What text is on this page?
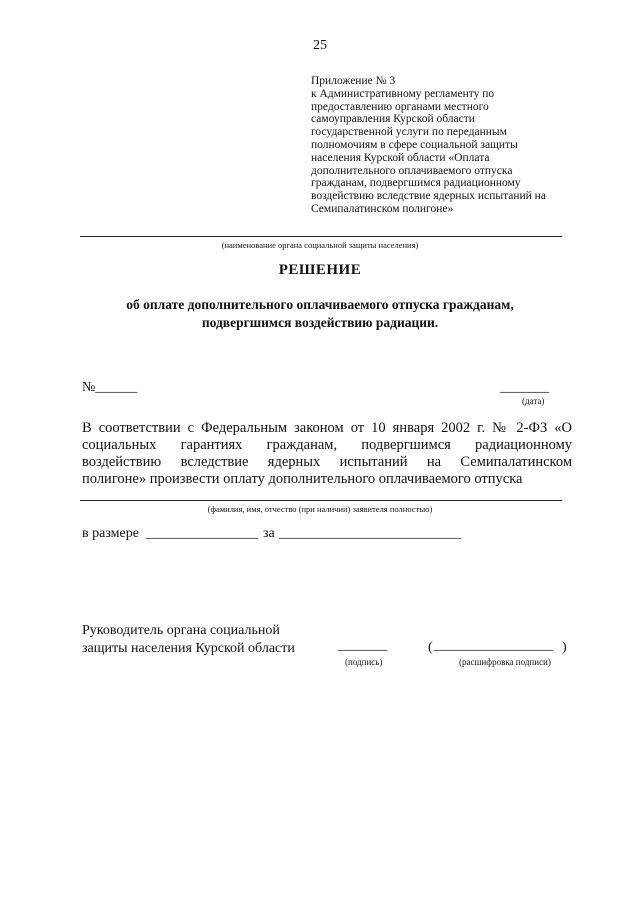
25
Приложение № 3
к Административному регламенту по
предоставлению органами местного
самоуправления Курской области
государственной услуги по переданным
полномочиям в сфере социальной защиты
населения Курской области «Оплата
дополнительного оплачиваемого отпуска
гражданам, подвергшимся радиационному
воздействию вследствие ядерных испытаний на
Семипалатинском полигоне»
(наименование органа социальной защиты населения)
РЕШЕНИЕ
об оплате дополнительного оплачиваемого отпуска гражданам,
подвергшимся воздействию радиации.
№______	_______
(дата)
В соответствии с Федеральным законом от 10 января 2002 г. № 2-ФЗ «О
социальных гарантиях гражданам, подвергшимся радиационному
воздействию вследствие ядерных испытаний на Семипалатинском
полигоне» произвести оплату дополнительного оплачиваемого отпуска
(фамилия, имя, отчество (при наличии) заявителя полностью)
в размере ________________ за __________________________
Руководитель органа социальной
защиты населения Курской области	_______
(подпись)
( _________________ )
(расшифровка подписи)
